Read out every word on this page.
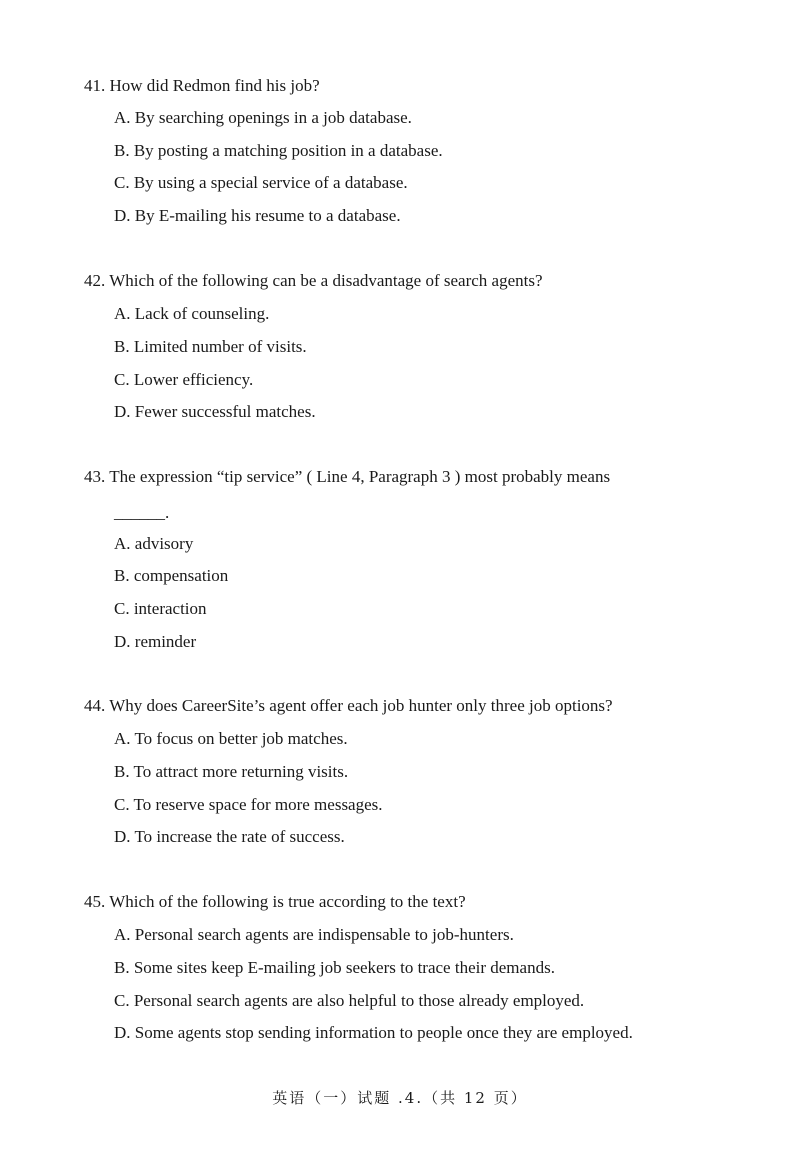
41. How did Redmon find his job?
A. By searching openings in a job database.
B. By posting a matching position in a database.
C. By using a special service of a database.
D. By E-mailing his resume to a database.
42. Which of the following can be a disadvantage of search agents?
A. Lack of counseling.
B. Limited number of visits.
C. Lower efficiency.
D. Fewer successful matches.
43. The expression “tip service” ( Line 4, Paragraph 3 ) most probably means
______.
A. advisory
B. compensation
C. interaction
D. reminder
44. Why does CareerSite’s agent offer each job hunter only three job options?
A. To focus on better job matches.
B. To attract more returning visits.
C. To reserve space for more messages.
D. To increase the rate of success.
45. Which of the following is true according to the text?
A. Personal search agents are indispensable to job-hunters.
B. Some sites keep E-mailing job seekers to trace their demands.
C. Personal search agents are also helpful to those already employed.
D. Some agents stop sending information to people once they are employed.
英语（一）试题 .4.（共 12 页）
